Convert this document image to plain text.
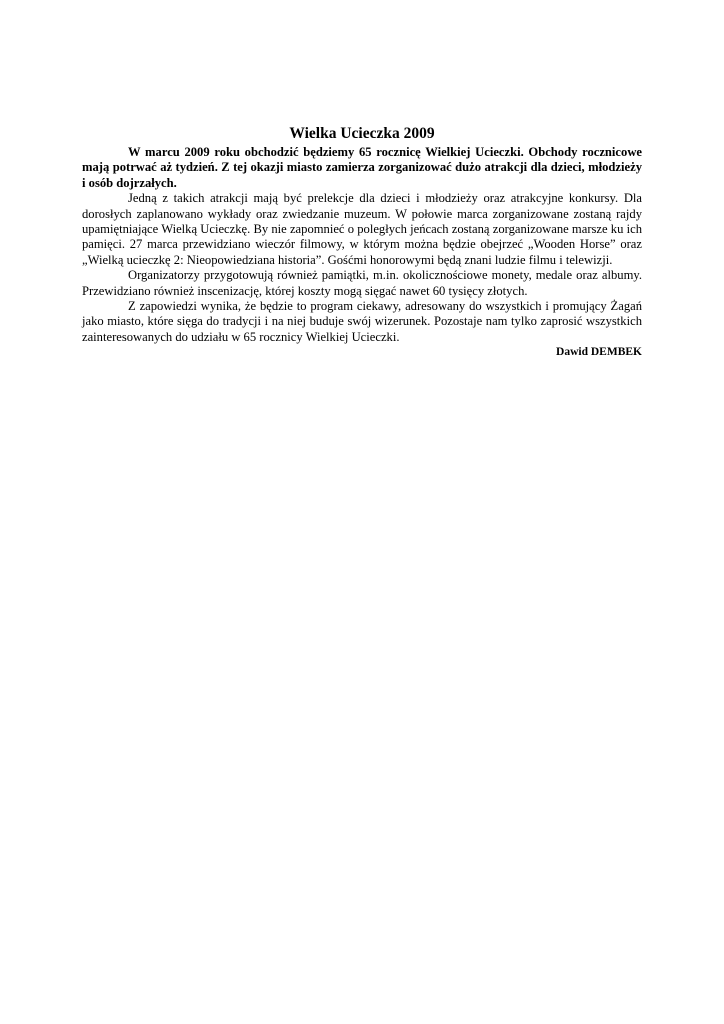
Wielka Ucieczka 2009

W marcu 2009 roku obchodzić będziemy 65 rocznicę Wielkiej Ucieczki. Obchody rocznicowe mają potrwać aż tydzień. Z tej okazji miasto zamierza zorganizować dużo atrakcji dla dzieci, młodzieży i osób dojrzałych.

Jedną z takich atrakcji mają być prelekcje dla dzieci i młodzieży oraz atrakcyjne konkursy. Dla dorosłych zaplanowano wykłady oraz zwiedzanie muzeum. W połowie marca zorganizowane zostaną rajdy upamiętniające Wielką Ucieczkę. By nie zapomnieć o poległych jeńcach zostaną zorganizowane marsze ku ich pamięci. 27 marca przewidziano wieczór filmowy, w którym można będzie obejrzeć „Wooden Horse” oraz „Wielką ucieczkę 2: Nieopowiedziana historia”. Gośćmi honorowymi będą znani ludzie filmu i telewizji.

Organizatorzy przygotowują również pamiątki, m.in. okolicznościowe monety, medale oraz albumy. Przewidziano również inscenizację, której koszty mogą sięgać nawet 60 tysięcy złotych.

Z zapowiedzi wynika, że będzie to program ciekawy, adresowany do wszystkich i promujący Żagań jako miasto, które sięga do tradycji i na niej buduje swój wizerunek. Pozostaje nam tylko zaprosić wszystkich zainteresowanych do udziału w 65 rocznicy Wielkiej Ucieczki.

Dawid DEMBEK
